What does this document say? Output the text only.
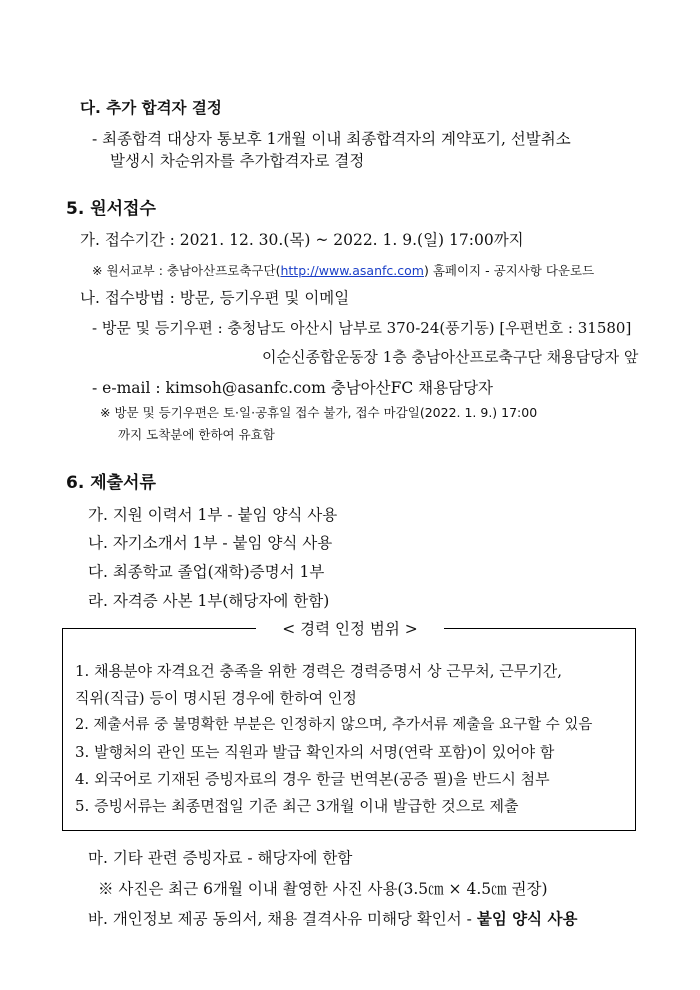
다. 추가 합격자 결정
- 최종합격 대상자 통보후 1개월 이내 최종합격자의 계약포기, 선발취소
발생시 차순위자를 추가합격자로 결정
5. 원서접수
가. 접수기간 : 2021. 12. 30.(목) ~ 2022. 1. 9.(일) 17:00까지
※ 원서교부 : 충남아산프로축구단(http://www.asanfc.com) 홈페이지 - 공지사항 다운로드
나. 접수방법 : 방문, 등기우편 및 이메일
- 방문 및 등기우편 : 충청남도 아산시 남부로 370-24(풍기동) [우편번호 : 31580]
이순신종합운동장 1층 충남아산프로축구단 채용담당자 앞
- e-mail : kimsoh@asanfc.com 충남아산FC 채용담당자
※ 방문 및 등기우편은 토·일·공휴일 접수 불가, 접수 마감일(2022. 1. 9.) 17:00
까지 도착분에 한하여 유효함
6. 제출서류
가. 지원 이력서 1부 - 붙임 양식 사용
나. 자기소개서 1부 - 붙임 양식 사용
다. 최종학교 졸업(재학)증명서 1부
라. 자격증 사본 1부(해당자에 한함)
1. 채용분야 자격요건 충족을 위한 경력은 경력증명서 상 근무처, 근무기간,
직위(직급) 등이 명시된 경우에 한하여 인정
2. 제출서류 중 불명확한 부분은 인정하지 않으며, 추가서류 제출을 요구할 수 있음
3. 발행처의 관인 또는 직원과 발급 확인자의 서명(연락 포함)이 있어야 함
4. 외국어로 기재된 증빙자료의 경우 한글 번역본(공증 필)을 반드시 첨부
5. 증빙서류는 최종면접일 기준 최근 3개월 이내 발급한 것으로 제출
< 경력 인정 범위 >
마. 기타 관련 증빙자료 - 해당자에 한함
※ 사진은 최근 6개월 이내 촬영한 사진 사용(3.5㎝ × 4.5㎝ 권장)
바. 개인정보 제공 동의서, 채용 결격사유 미해당 확인서 - 붙임 양식 사용
